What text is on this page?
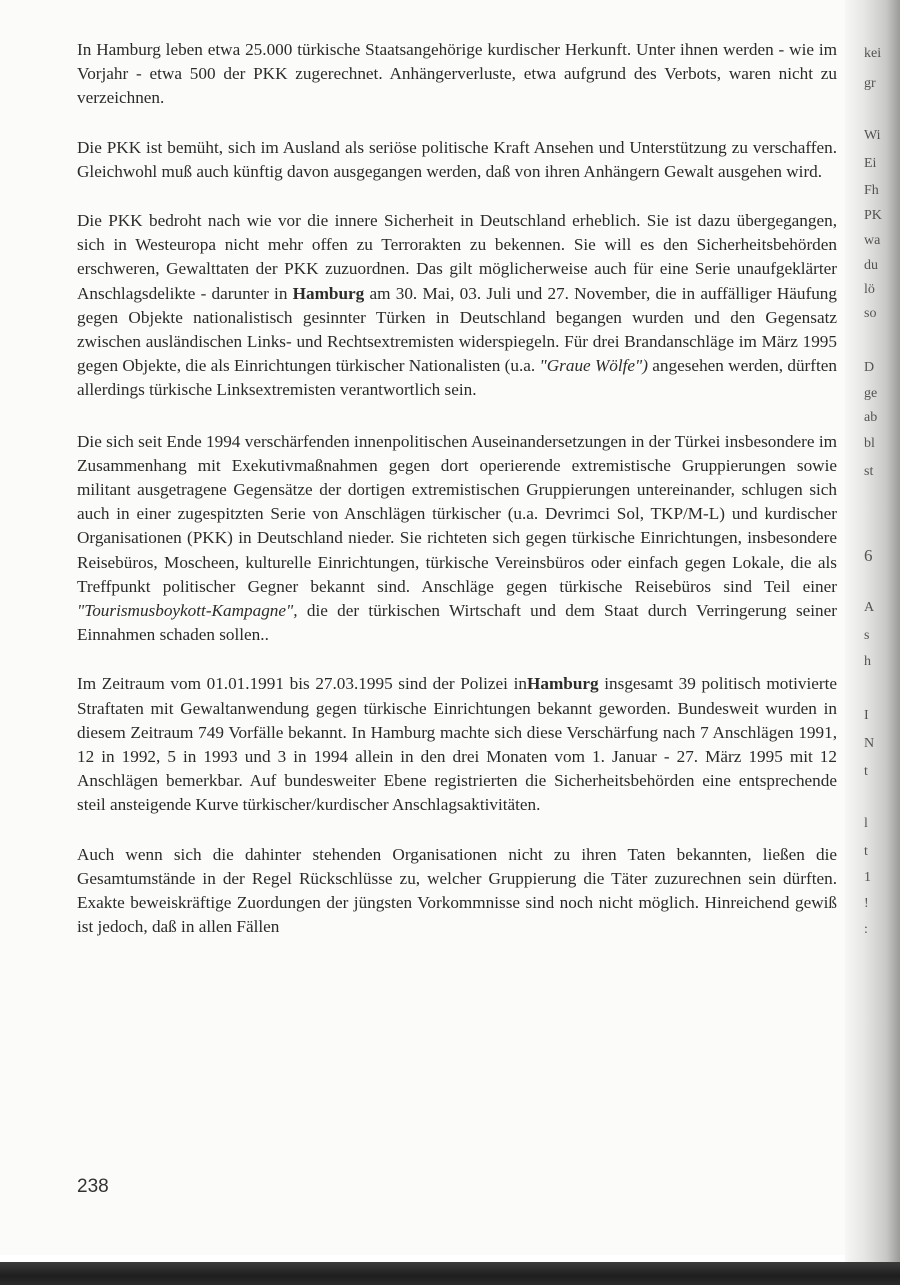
In Hamburg leben etwa 25.000 türkische Staatsangehörige kurdischer Herkunft. Unter ihnen werden - wie im Vorjahr - etwa 500 der PKK zugerechnet. Anhängerverluste, etwa aufgrund des Verbots, waren nicht zu verzeichnen.

Die PKK ist bemüht, sich im Ausland als seriöse politische Kraft Ansehen und Unterstützung zu verschaffen. Gleichwohl muß auch künftig davon ausgegangen werden, daß von ihren Anhängern Gewalt ausgehen wird.

Die PKK bedroht nach wie vor die innere Sicherheit in Deutschland erheblich. Sie ist dazu übergegangen, sich in Westeuropa nicht mehr offen zu Terrorakten zu bekennen. Sie will es den Sicherheitsbehörden erschweren, Gewalttaten der PKK zuzuordnen. Das gilt möglicherweise auch für eine Serie unaufgeklärter Anschlagsdelikte - darunter in Hamburg am 30. Mai, 03. Juli und 27. November, die in auffälliger Häufung gegen Objekte nationalistisch gesinnter Türken in Deutschland begangen wurden und den Gegensatz zwischen ausländischen Links- und Rechtsextremisten widerspiegeln. Für drei Brandanschläge im März 1995 gegen Objekte, die als Einrichtungen türkischer Nationalisten (u.a. "Graue Wölfe") angesehen werden, dürften allerdings türkische Linksextremisten verantwortlich sein.

Die sich seit Ende 1994 verschärfenden innenpolitischen Auseinandersetzungen in der Türkei insbesondere im Zusammenhang mit Exekutivmaßnahmen gegen dort operierende extremistische Gruppierungen sowie militant ausgetragene Gegensätze der dortigen extremistischen Gruppierungen untereinander, schlugen sich auch in einer zugespitzten Serie von Anschlägen türkischer (u.a. Devrimci Sol, TKP/M-L) und kurdischer Organisationen (PKK) in Deutschland nieder. Sie richteten sich gegen türkische Einrichtungen, insbesondere Reisebüros, Moscheen, kulturelle Einrichtungen, türkische Vereinsbüros oder einfach gegen Lokale, die als Treffpunkt politischer Gegner bekannt sind. Anschläge gegen türkische Reisebüros sind Teil einer "Tourismusboykott-Kampagne", die der türkischen Wirtschaft und dem Staat durch Verringerung seiner Einnahmen schaden sollen..

Im Zeitraum vom 01.01.1991 bis 27.03.1995 sind der Polizei inHamburg insgesamt 39 politisch motivierte Straftaten mit Gewaltanwendung gegen türkische Einrichtungen bekannt geworden. Bundesweit wurden in diesem Zeitraum 749 Vorfälle bekannt. In Hamburg machte sich diese Verschärfung nach 7 Anschlägen 1991, 12 in 1992, 5 in 1993 und 3 in 1994 allein in den drei Monaten vom 1. Januar - 27. März 1995 mit 12 Anschlägen bemerkbar. Auf bundesweiter Ebene registrierten die Sicherheitsbehörden eine entsprechende steil ansteigende Kurve türkischer/kurdischer Anschlagsaktivitäten.

Auch wenn sich die dahinter stehenden Organisationen nicht zu ihren Taten bekannten, ließen die Gesamtumstände in der Regel Rückschlüsse zu, welcher Gruppierung die Täter zuzurechnen sein dürften. Exakte beweiskräftige Zuordungen der jüngsten Vorkommnisse sind noch nicht möglich. Hinreichend gewiß ist jedoch, daß in allen Fällen

238
kei
gr
Wi
Ei
Fh
PK
wa
du
lö
so
D
ge
ab
bl
st
6
A
s
h
I
N
t
l
t
1
!
:
